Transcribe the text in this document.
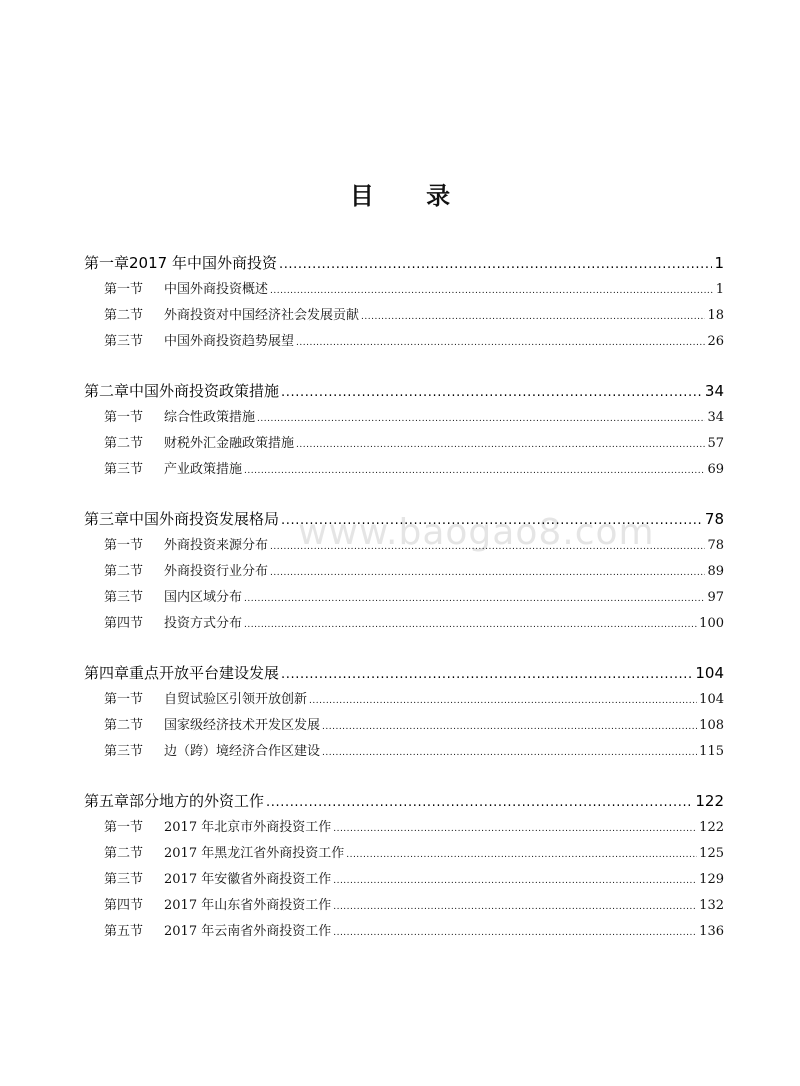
目 录
www.baogao8.com
第一章 2017 年中国外商投资 .....	1
第一节	中国外商投资概述 .....	1
第二节	外商投资对中国经济社会发展贡献 .....	18
第三节	中国外商投资趋势展望 .....	26
第二章 中国外商投资政策措施 .....	34
第一节	综合性政策措施 .....	34
第二节	财税外汇金融政策措施 .....	57
第三节	产业政策措施 .....	69
第三章 中国外商投资发展格局 .....	78
第一节	外商投资来源分布 .....	78
第二节	外商投资行业分布 .....	89
第三节	国内区域分布 .....	97
第四节	投资方式分布 .....	100
第四章 重点开放平台建设发展 .....	104
第一节	自贸试验区引领开放创新 .....	104
第二节	国家级经济技术开发区发展 .....	108
第三节	边（跨）境经济合作区建设 .....	115
第五章 部分地方的外资工作 .....	122
第一节	2017 年北京市外商投资工作 .....	122
第二节	2017 年黑龙江省外商投资工作 .....	125
第三节	2017 年安徽省外商投资工作 .....	129
第四节	2017 年山东省外商投资工作 .....	132
第五节	2017 年云南省外商投资工作 .....	136
